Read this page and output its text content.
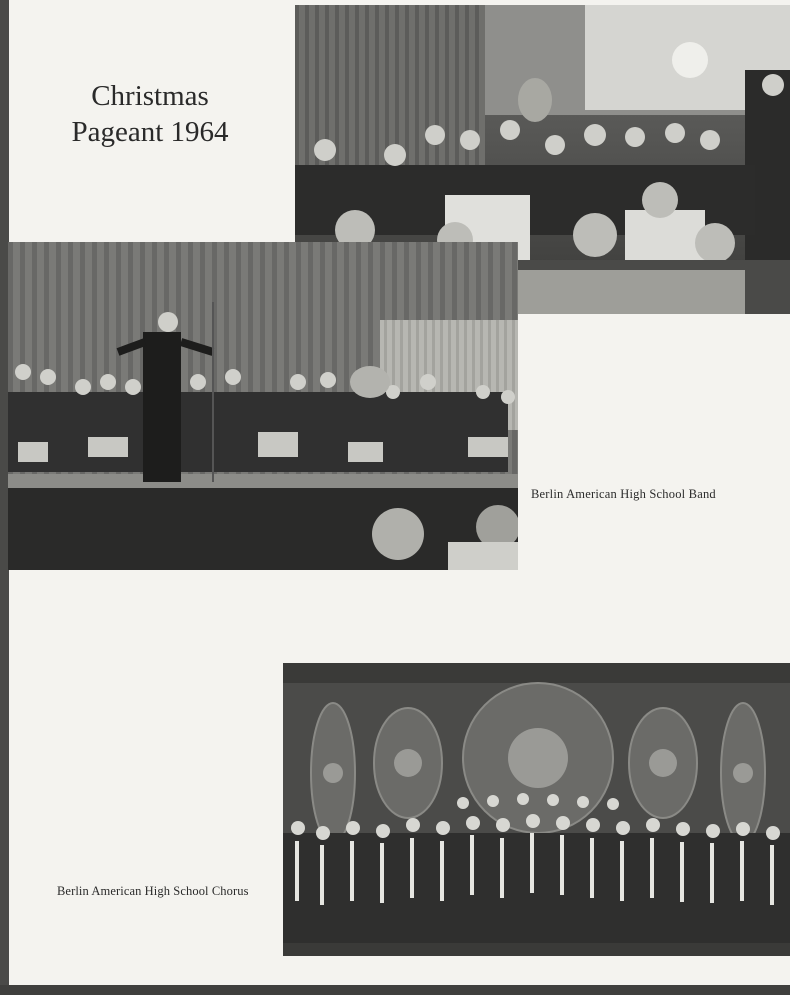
Christmas
Pageant 1964
Berlin American High School Band
Berlin American High School Chorus
